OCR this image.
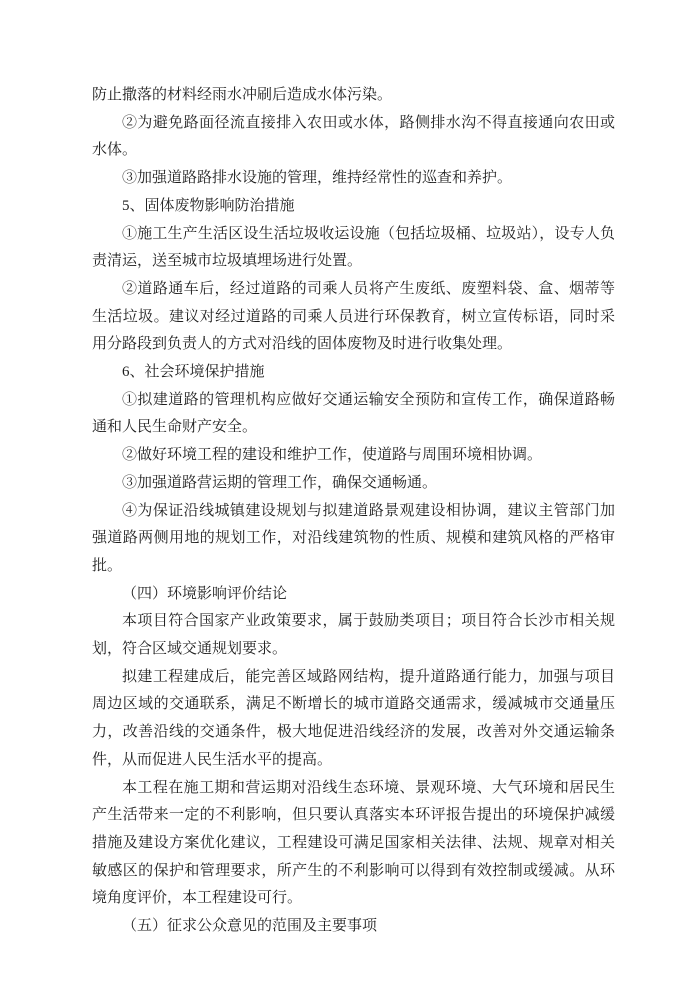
防止撒落的材料经雨水冲刷后造成水体污染。

②为避免路面径流直接排入农田或水体，路侧排水沟不得直接通向农田或水体。

③加强道路路排水设施的管理，维持经常性的巡查和养护。

5、固体废物影响防治措施

①施工生产生活区设生活垃圾收运设施（包括垃圾桶、垃圾站），设专人负责清运，送至城市垃圾填埋场进行处置。

②道路通车后，经过道路的司乘人员将产生废纸、废塑料袋、盒、烟蒂等生活垃圾。建议对经过道路的司乘人员进行环保教育，树立宣传标语，同时采用分路段到负责人的方式对沿线的固体废物及时进行收集处理。

6、社会环境保护措施

①拟建道路的管理机构应做好交通运输安全预防和宣传工作，确保道路畅通和人民生命财产安全。

②做好环境工程的建设和维护工作，使道路与周围环境相协调。

③加强道路营运期的管理工作，确保交通畅通。

④为保证沿线城镇建设规划与拟建道路景观建设相协调，建议主管部门加强道路两侧用地的规划工作，对沿线建筑物的性质、规模和建筑风格的严格审批。

（四）环境影响评价结论

本项目符合国家产业政策要求，属于鼓励类项目；项目符合长沙市相关规划，符合区域交通规划要求。

拟建工程建成后，能完善区域路网结构，提升道路通行能力，加强与项目周边区域的交通联系，满足不断增长的城市道路交通需求，缓减城市交通量压力，改善沿线的交通条件，极大地促进沿线经济的发展，改善对外交通运输条件，从而促进人民生活水平的提高。

本工程在施工期和营运期对沿线生态环境、景观环境、大气环境和居民生产生活带来一定的不利影响，但只要认真落实本环评报告提出的环境保护减缓措施及建设方案优化建议，工程建设可满足国家相关法律、法规、规章对相关敏感区的保护和管理要求，所产生的不利影响可以得到有效控制或缓减。从环境角度评价，本工程建设可行。

（五）征求公众意见的范围及主要事项
